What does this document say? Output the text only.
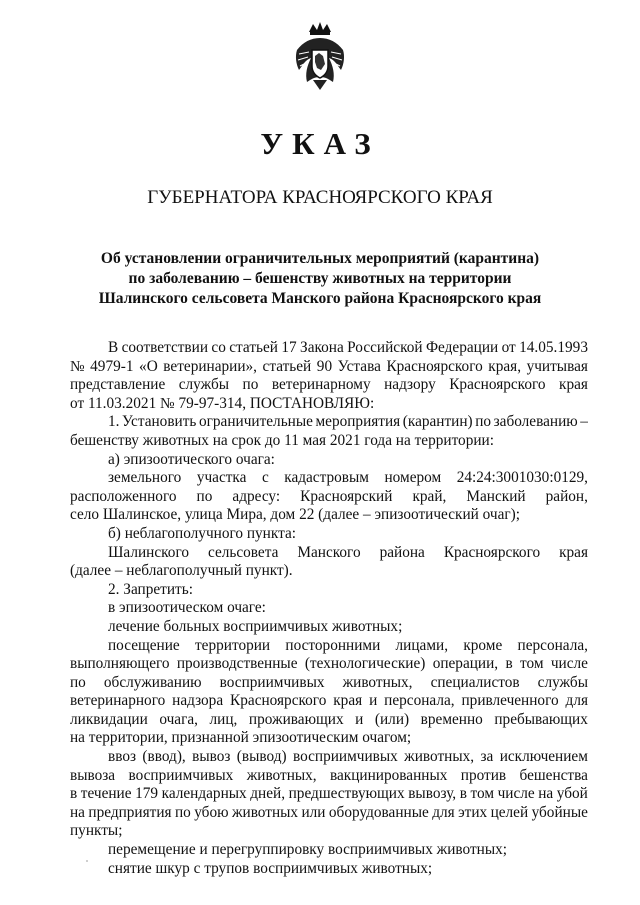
УКАЗ
ГУБЕРНАТОРА КРАСНОЯРСКОГО КРАЯ
Об установлении ограничительных мероприятий (карантина)
по заболеванию – бешенству животных на территории
Шалинского сельсовета Манского района Красноярского края

В соответствии со статьей 17 Закона Российской Федерации от 14.05.1993
№ 4979-1 «О ветеринарии», статьей 90 Устава Красноярского края, учитывая
представление службы по ветеринарному надзору Красноярского края
от 11.03.2021 № 79-97-314, ПОСТАНОВЛЯЮ:

1. Установить ограничительные мероприятия (карантин) по заболеванию –
бешенству животных на срок до 11 мая 2021 года на территории:

а) эпизоотического очага:

земельного участка с кадастровым номером 24:24:3001030:0129,
расположенного по адресу: Красноярский край, Манский район,
село Шалинское, улица Мира, дом 22 (далее – эпизоотический очаг);

б) неблагополучного пункта:

Шалинского сельсовета Манского района Красноярского края
(далее – неблагополучный пункт).

2. Запретить:

в эпизоотическом очаге:

лечение больных восприимчивых животных;

посещение территории посторонними лицами, кроме персонала,
выполняющего производственные (технологические) операции, в том числе
по обслуживанию восприимчивых животных, специалистов службы
ветеринарного надзора Красноярского края и персонала, привлеченного для
ликвидации очага, лиц, проживающих и (или) временно пребывающих
на территории, признанной эпизоотическим очагом;

ввоз (ввод), вывоз (вывод) восприимчивых животных, за исключением
вывоза восприимчивых животных, вакцинированных против бешенства
в течение 179 календарных дней, предшествующих вывозу, в том числе на убой
на предприятия по убою животных или оборудованные для этих целей убойные
пункты;

перемещение и перегруппировку восприимчивых животных;

снятие шкур с трупов восприимчивых животных;
